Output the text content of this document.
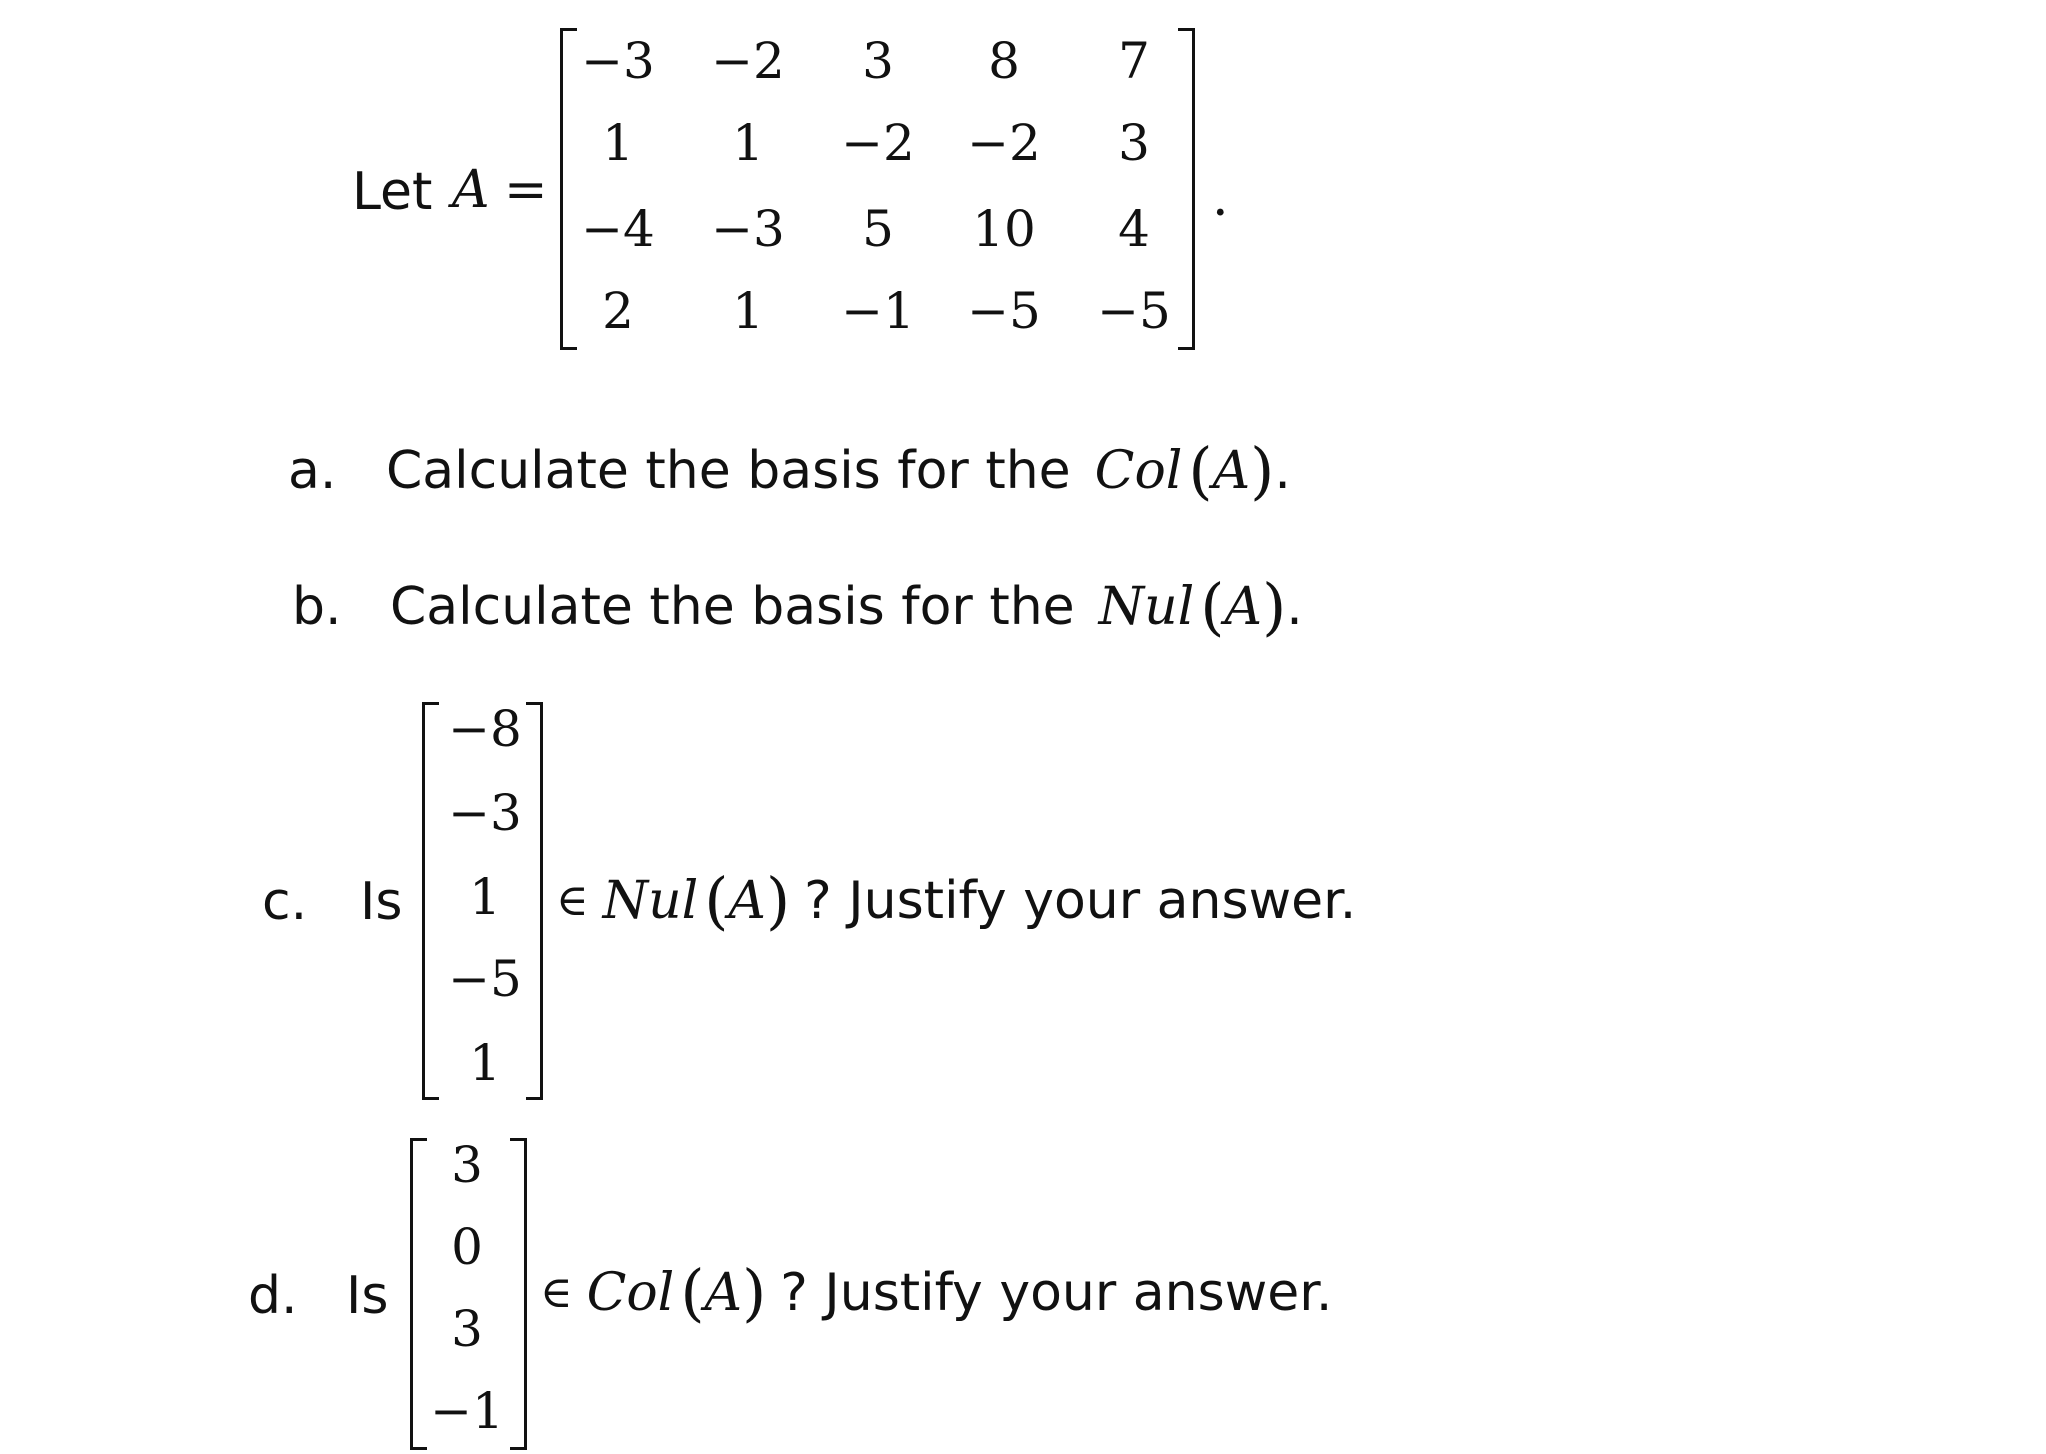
Let A =
−3	−2	3	8	7
1	1	−2	−2	3
−4	−3	5	10	4
2	1	−1	−5	−5
.
a. Calculate the basis for the Col ( A ) .
b. Calculate the basis for the Nul ( A ) .
c. Is
−8
−3
1
−5
1
∈ Nul ( A ) ? Justify your answer.
d. Is
3
0
3
−1
∈ Col ( A ) ? Justify your answer.
